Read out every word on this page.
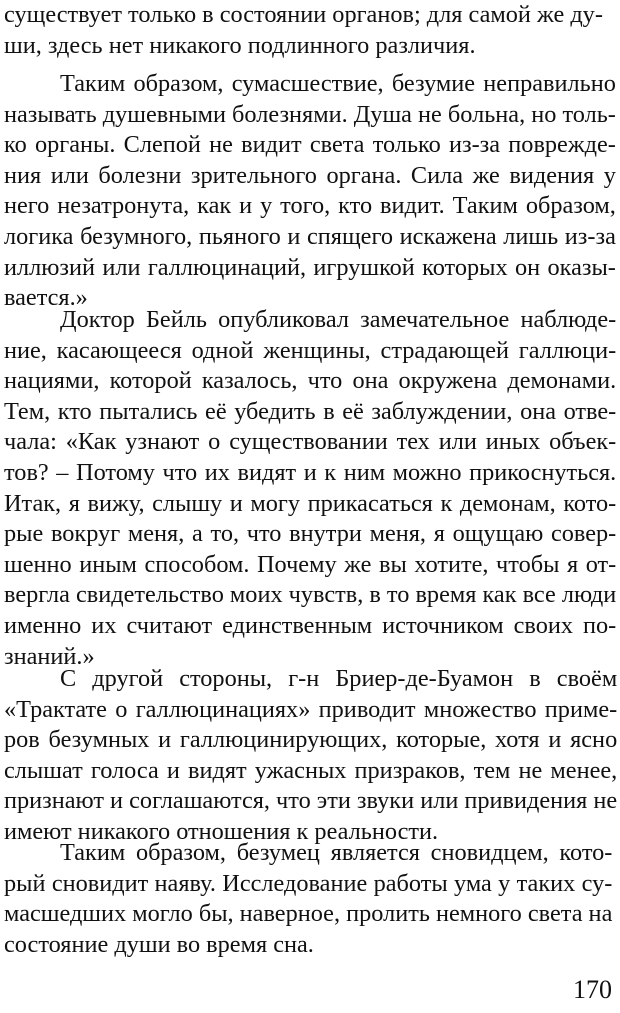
существует только в состоянии органов; для самой же ду-
ши, здесь нет никакого подлинного различия.
Таким образом, сумасшествие, безумие неправильно
называть душевными болезнями. Душа не больна, но толь-
ко органы. Слепой не видит света только из-за поврежде-
ния или болезни зрительного органа. Сила же видения у
него незатронута, как и у того, кто видит. Таким образом,
логика безумного, пьяного и спящего искажена лишь из-за
иллюзий или галлюцинаций, игрушкой которых он оказы-
вается.»
Доктор Бейль опубликовал замечательное наблюде-
ние, касающееся одной женщины, страдающей галлюци-
нациями, которой казалось, что она окружена демонами.
Тем, кто пытались её убедить в её заблуждении, она отве-
чала: «Как узнают о существовании тех или иных объек-
тов? – Потому что их видят и к ним можно прикоснуться.
Итак, я вижу, слышу и могу прикасаться к демонам, кото-
рые вокруг меня, а то, что внутри меня, я ощущаю совер-
шенно иным способом. Почему же вы хотите, чтобы я от-
вергла свидетельство моих чувств, в то время как все люди
именно их считают единственным источником своих по-
знаний.»
С другой стороны, г-н Бриер-де-Буамон в своём
«Трактате о галлюцинациях» приводит множество приме-
ров безумных и галлюцинирующих, которые, хотя и ясно
слышат голоса и видят ужасных призраков, тем не менее,
признают и соглашаются, что эти звуки или привидения не
имеют никакого отношения к реальности.
Таким образом, безумец является сновидцем, кото-
рый сновидит наяву. Исследование работы ума у таких су-
масшедших могло бы, наверное, пролить немного света на
состояние души во время сна.
170
